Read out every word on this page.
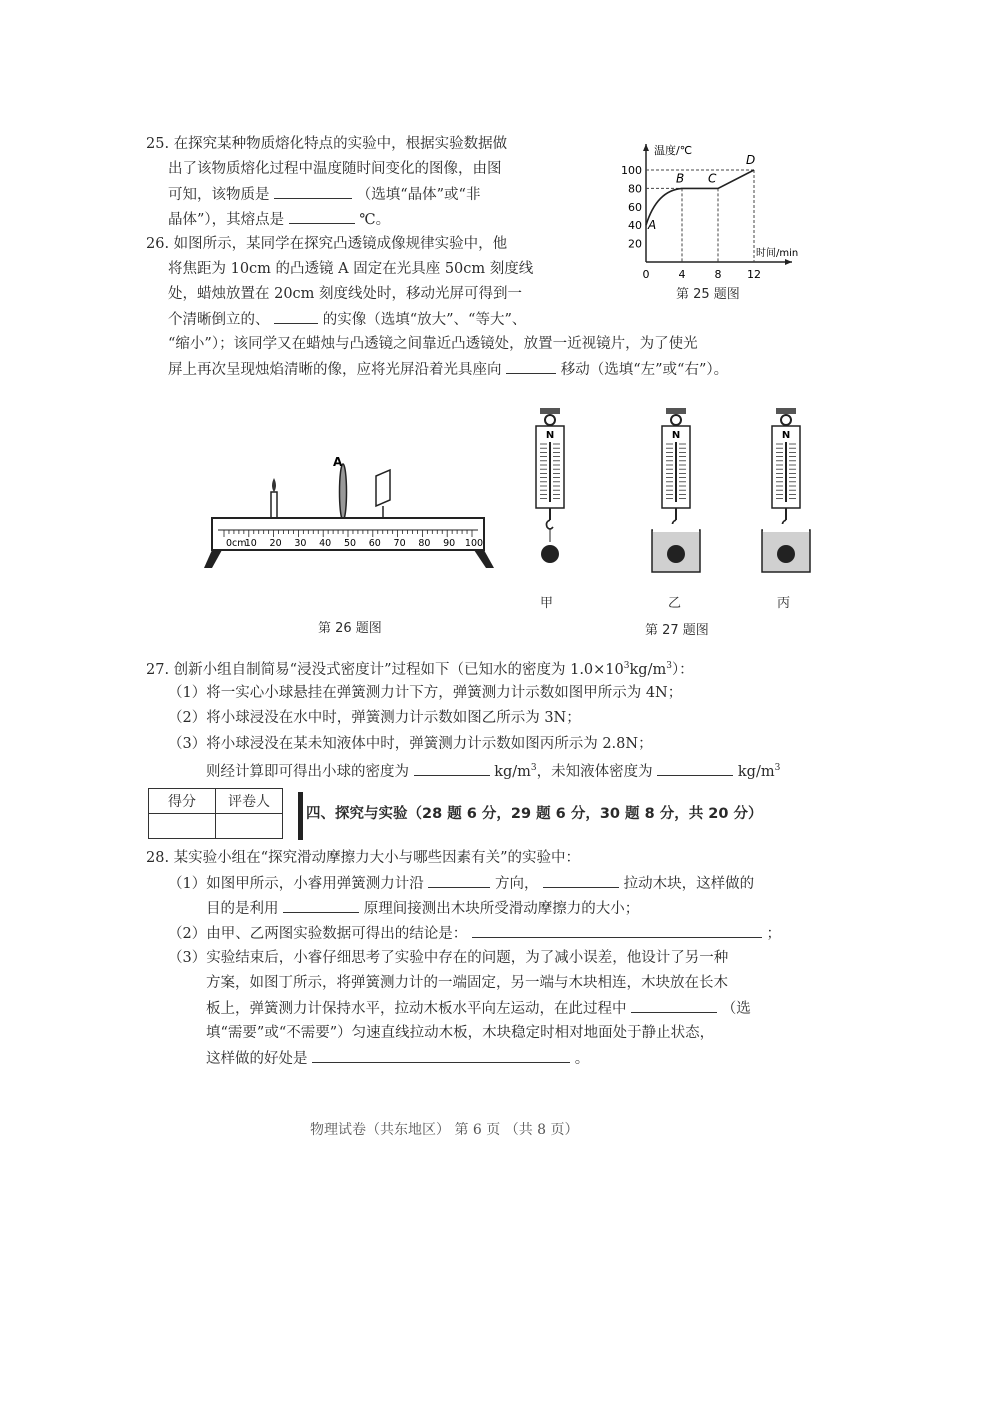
25. 在探究某种物质熔化特点的实验中，根据实验数据做
出了该物质熔化过程中温度随时间变化的图像，由图
可知，该物质是	（选填“晶体”或“非
晶体”），其熔点是	℃。
温度/℃
时间/min
20
40
60
80
100
0	4	8 12
A
B C
D
第 25 题图
26. 如图所示，某同学在探究凸透镜成像规律实验中，他
将焦距为 10cm 的凸透镜 A 固定在光具座 50cm 刻度线
处，蜡烛放置在 20cm 刻度线处时，移动光屏可得到一
个清晰倒立的、	的实像（选填“放大”、“等大”、
“缩小”）；该同学又在蜡烛与凸透镜之间靠近凸透镜处，放置一近视镜片，为了使光
屏上再次呈现烛焰清晰的像，应将光屏沿着光具座向	移动（选填“左”或“右”）。
A
0cm
10 20 30 40 50 60 70 80 90 100
第 26 题图
N	N	N
甲	乙	丙
第 27 题图
27. 创新小组自制简易“浸没式密度计”过程如下（已知水的密度为 $1.0\times 10^3kg/m^3$）：
（1）将一实心小球悬挂在弹簧测力计下方，弹簧测力计示数如图甲所示为 4N；
（2）将小球浸没在水中时，弹簧测力计示数如图乙所示为 3N；
（3）将小球浸没在某未知液体中时，弹簧测力计示数如图丙所示为 2.8N；
则经计算即可得出小球的密度为	$kg/m^3$，未知液体密度为	$kg/m^3$
得分	评卷人

四、探究与实验（28 题 6 分，29 题 6 分，30 题 8 分，共 20 分）
28. 某实验小组在“探究滑动摩擦力大小与哪些因素有关”的实验中：
（1）如图甲所示，小睿用弹簧测力计沿	方向，	拉动木块，这样做的
目的是利用	原理间接测出木块所受滑动摩擦力的大小；
（2）由甲、乙两图实验数据可得出的结论是：	；
（3）实验结束后，小睿仔细思考了实验中存在的问题，为了减小误差，他设计了另一种
方案，如图丁所示，将弹簧测力计的一端固定，另一端与木块相连，木块放在长木
板上，弹簧测力计保持水平，拉动木板水平向左运动，在此过程中	（选
填“需要”或“不需要”）匀速直线拉动木板，木块稳定时相对地面处于静止状态，
这样做的好处是	。
物理试卷（共东地区） 第 6 页 （共 8 页）
